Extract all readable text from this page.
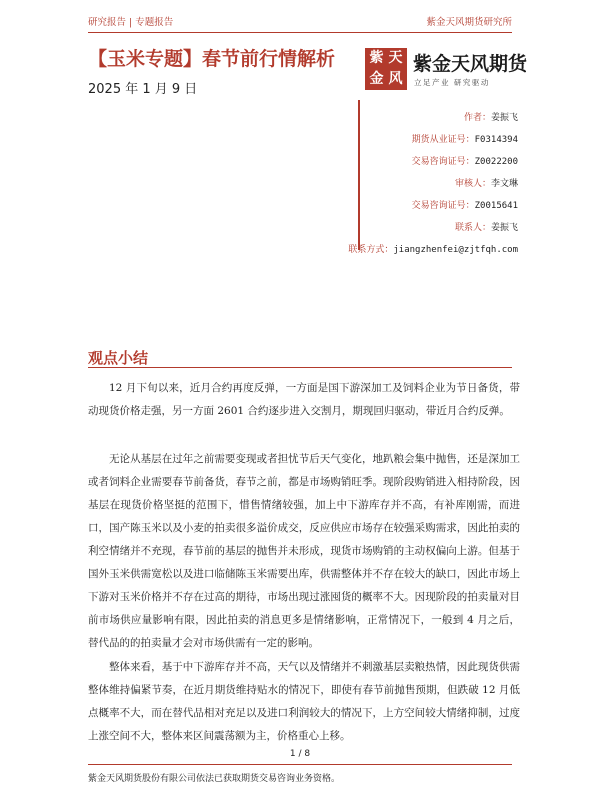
研究报告 | 专题报告	紫金天风期货研究所
【玉米专题】春节前行情解析
2025 年 1 月 9 日
紫 天
金 风
紫金天风期货
立足产业 研究驱动
作者：姜振飞
期货从业证号：F0314394
交易咨询证号：Z0022200
审核人：李文琳
交易咨询证号：Z0015641
联系人：姜振飞
联系方式：jiangzhenfei@zjtfqh.com
观点小结
12 月下旬以来，近月合约再度反弹，一方面是国下游深加工及饲料企业为节日备货，带动现货价格走强，另一方面 2601 合约逐步进入交割月，期现回归驱动，带近月合约反弹。
无论从基层在过年之前需要变现或者担忧节后天气变化，地趴粮会集中抛售，还是深加工或者饲料企业需要春节前备货，春节之前，都是市场购销旺季。现阶段购销进入相持阶段，因基层在现货价格坚挺的范围下，惜售情绪较强，加上中下游库存并不高，有补库刚需，而进口，国产陈玉米以及小麦的拍卖很多溢价成交，反应供应市场存在较强采购需求，因此拍卖的利空情绪并不充现，春节前的基层的抛售并未形成，现货市场购销的主动权偏向上游。但基于国外玉米供需宽松以及进口临储陈玉米需要出库，供需整体并不存在较大的缺口，因此市场上下游对玉米价格并不存在过高的期待，市场出现过涨囤货的概率不大。因现阶段的拍卖量对目前市场供应量影响有限，因此拍卖的消息更多是情绪影响，正常情况下，一般到 4 月之后，替代品的的拍卖量才会对市场供需有一定的影响。
整体来看，基于中下游库存并不高，天气以及情绪并不刺激基层卖粮热情，因此现货供需整体维持偏紧节奏，在近月期货维持贴水的情况下，即使有春节前抛售预期，但跌破 12 月低点概率不大，而在替代品相对充足以及进口利润较大的情况下，上方空间较大情绪抑制，过度上涨空间不大，整体来区间震荡额为主，价格重心上移。
1 / 8
紫金天风期货股份有限公司依法已获取期货交易咨询业务资格。
